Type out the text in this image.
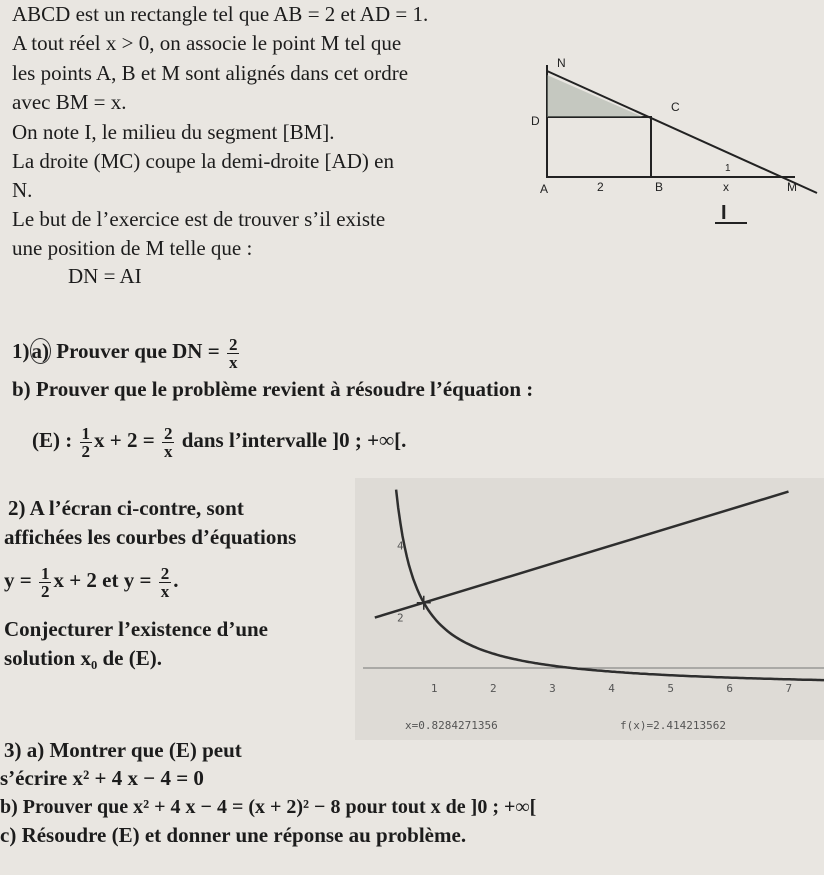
ABCD est un rectangle tel que AB = 2 et AD = 1.
A tout réel x > 0, on associe le point M tel que
les points A, B et M sont alignés dans cet ordre
avec BM = x.
On note I, le milieu du segment [BM].
La droite (MC) coupe la demi-droite [AD) en
N.
Le but de l’exercice est de trouver s’il existe
une position de M telle que :
DN = AI
1)a) Prouver que DN = $\frac{2}{x}$
b) Prouver que le problème revient à résoudre l’équation :
(E) : $\frac{1}{2}$ $x + 2 = \frac{2}{x}$ dans l’intervalle ]0 ; +∞[.
2) A l’écran ci-contre, sont
affichées les courbes d’équations
$y = \frac{1}{2}$ x + 2 et $y = \frac{2}{x}$ .
Conjecturer l’existence d’une
solution x₀ de (E).
3) a) Montrer que (E) peut
s’écrire x² + 4 x − 4 = 0
b) Prouver que x² + 4 x − 4 = (x + 2)² − 8 pour tout x de ]0 ; +∞[
c) Résoudre (E) et donner une réponse au problème.
N
C
D
A	2	B	x	M
1
I
1	2	3	4	5	6	7
4
2
x=0.8284271356	f(x)=2.414213562
